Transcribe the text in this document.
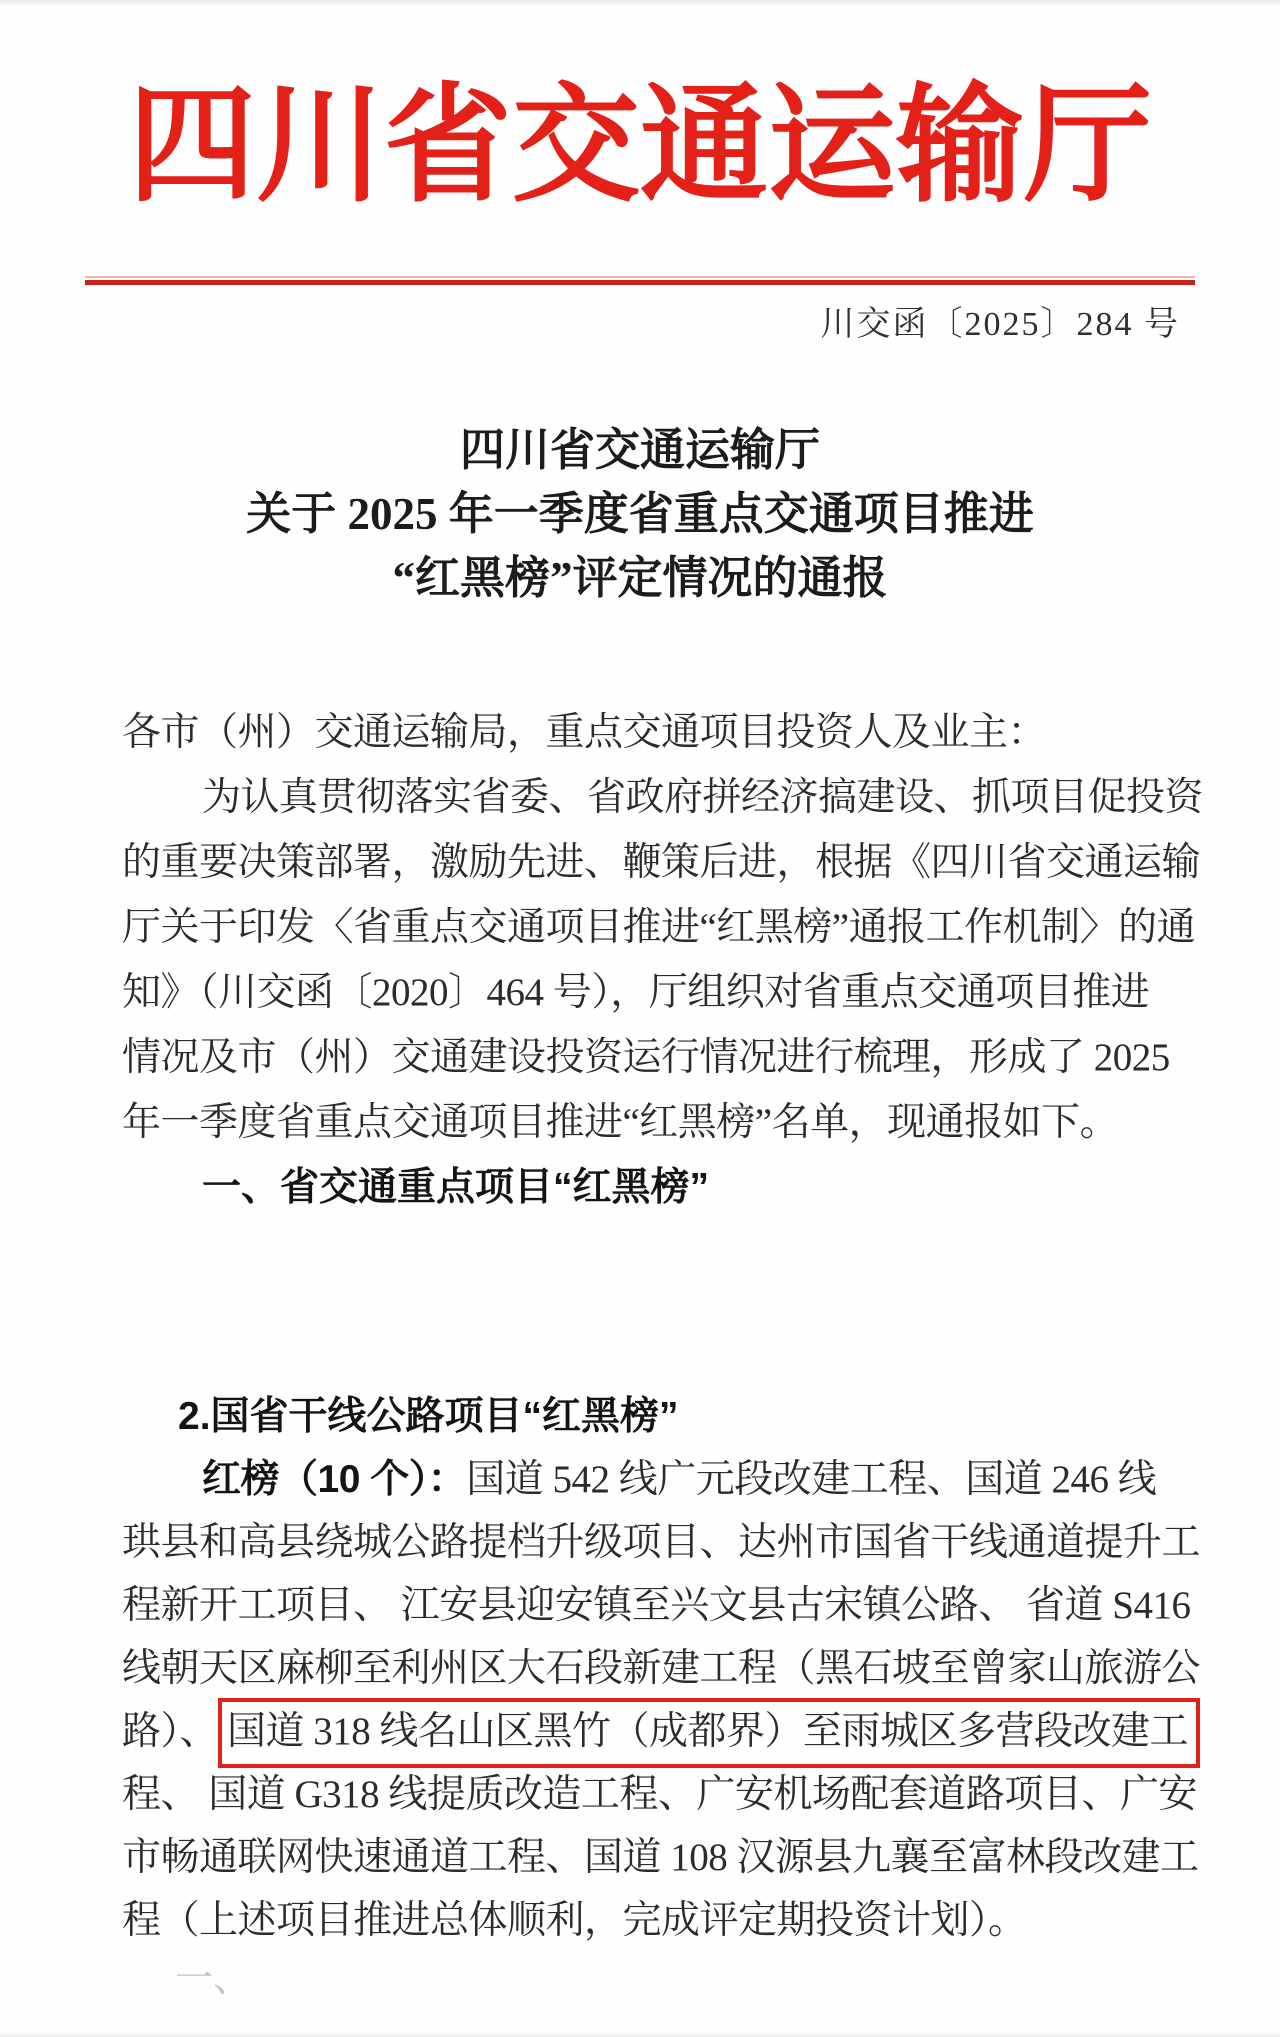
四川省交通运输厅
川交函〔2025〕284 号
四川省交通运输厅
关于 2025 年一季度省重点交通项目推进
“红黑榜”评定情况的通报
各市（州）交通运输局，重点交通项目投资人及业主：
为认真贯彻落实省委、省政府拼经济搞建设、抓项目促投资
的重要决策部署，激励先进、鞭策后进，根据《四川省交通运输
厅关于印发〈省重点交通项目推进“红黑榜”通报工作机制〉的通
知》（川交函〔2020〕464 号），厅组织对省重点交通项目推进
情况及市（州）交通建设投资运行情况进行梳理，形成了 2025
年一季度省重点交通项目推进“红黑榜”名单，现通报如下。
一、省交通重点项目“红黑榜”
2.国省干线公路项目“红黑榜”
红榜（10 个）：国道 542 线广元段改建工程、国道 246 线
珙县和高县绕城公路提档升级项目、达州市国省干线通道提升工
程新开工项目、 江安县迎安镇至兴文县古宋镇公路、 省道 S416
线朝天区麻柳至利州区大石段新建工程（黑石坡至曾家山旅游公
路）、 国道 318 线名山区黑竹（成都界）至雨城区多营段改建工
程、 国道 G318 线提质改造工程、广安机场配套道路项目、广安
市畅通联网快速通道工程、国道 108 汉源县九襄至富林段改建工
程（上述项目推进总体顺利，完成评定期投资计划）。
一、
